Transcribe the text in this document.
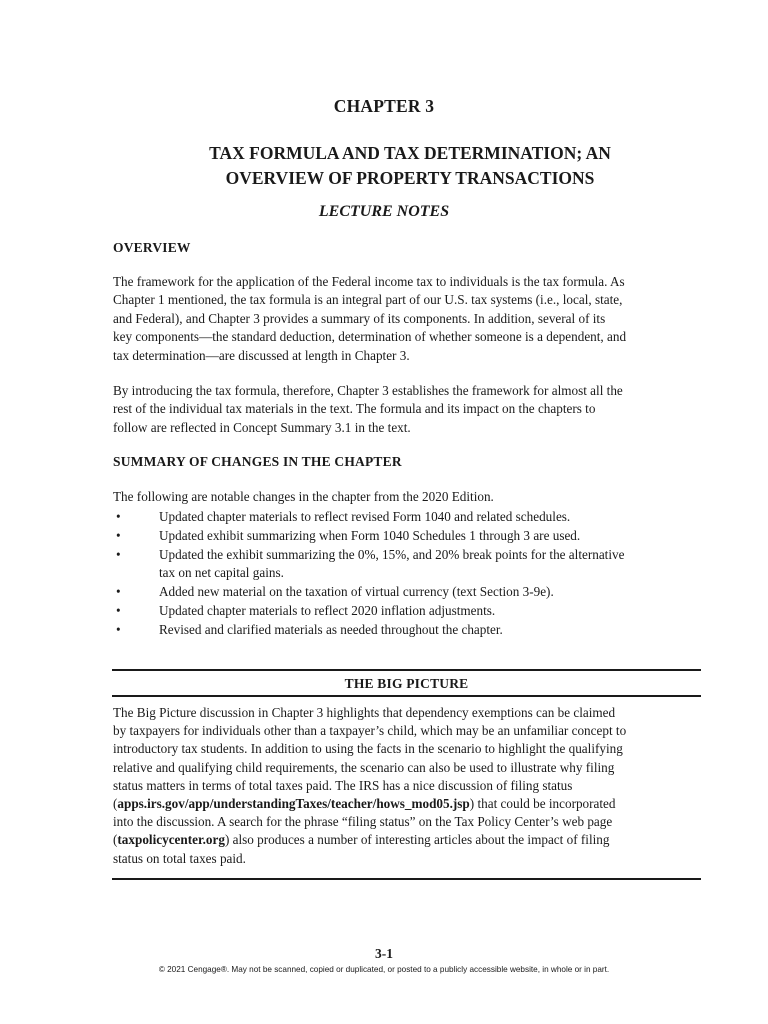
CHAPTER 3
TAX FORMULA AND TAX DETERMINATION; AN
OVERVIEW OF PROPERTY TRANSACTIONS
LECTURE NOTES
OVERVIEW

The framework for the application of the Federal income tax to individuals is the tax formula. As
Chapter 1 mentioned, the tax formula is an integral part of our U.S. tax systems (i.e., local, state,
and Federal), and Chapter 3 provides a summary of its components. In addition, several of its
key components—the standard deduction, determination of whether someone is a dependent, and
tax determination—are discussed at length in Chapter 3.

By introducing the tax formula, therefore, Chapter 3 establishes the framework for almost all the
rest of the individual tax materials in the text. The formula and its impact on the chapters to
follow are reflected in Concept Summary 3.1 in the text.

SUMMARY OF CHANGES IN THE CHAPTER

The following are notable changes in the chapter from the 2020 Edition.

•	Updated chapter materials to reflect revised Form 1040 and related schedules.
•	Updated exhibit summarizing when Form 1040 Schedules 1 through 3 are used.
•	Updated the exhibit summarizing the 0%, 15%, and 20% break points for the alternative
tax on net capital gains.
•	Added new material on the taxation of virtual currency (text Section 3-9e).
•	Updated chapter materials to reflect 2020 inflation adjustments.
•	Revised and clarified materials as needed throughout the chapter.
THE BIG PICTURE

The Big Picture discussion in Chapter 3 highlights that dependency exemptions can be claimed
by taxpayers for individuals other than a taxpayer’s child, which may be an unfamiliar concept to
introductory tax students. In addition to using the facts in the scenario to highlight the qualifying
relative and qualifying child requirements, the scenario can also be used to illustrate why filing
status matters in terms of total taxes paid. The IRS has a nice discussion of filing status
(apps.irs.gov/app/understandingTaxes/teacher/hows_mod05.jsp) that could be incorporated
into the discussion. A search for the phrase “filing status” on the Tax Policy Center’s web page
(taxpolicycenter.org) also produces a number of interesting articles about the impact of filing
status on total taxes paid.

3-1
© 2021 Cengage®. May not be scanned, copied or duplicated, or posted to a publicly accessible website, in whole or in part.
